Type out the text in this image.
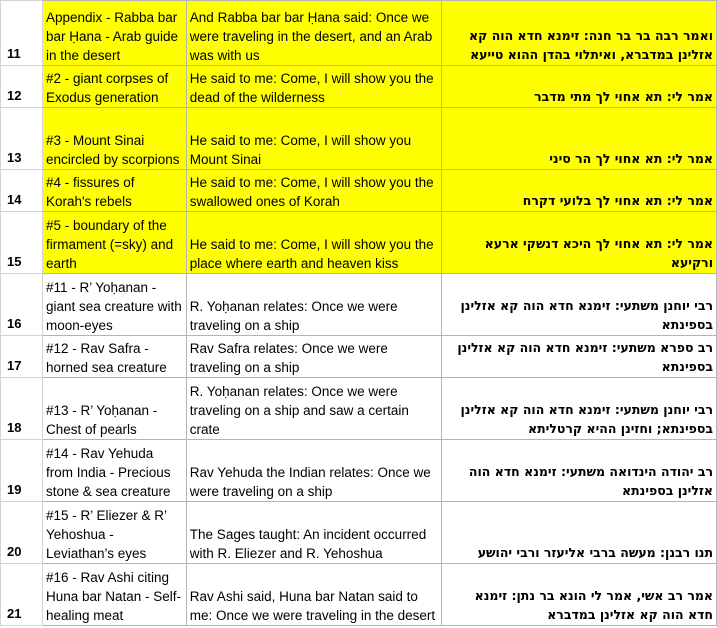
11	Appendix - Rabba bar bar Ḥana - Arab guide in the desert	And Rabba bar bar Ḥana said: Once we were traveling in the desert, and an Arab was with us	ואמר רבה בר בר חנה: זימנא חדא הוה קא אזלינן במדברא, ואיתלוי בהדן ההוא טייעא
12	#2 - giant corpses of Exodus generation	He said to me: Come, I will show you the dead of the wilderness	אמר לי: תא אחוי לך מתי מדבר
13	#3 - Mount Sinai encircled by scorpions	He said to me: Come, I will show you Mount Sinai	אמר לי: תא אחוי לך הר סיני
14	#4 - fissures of Korah's rebels	He said to me: Come, I will show you the swallowed ones of Korah	אמר לי: תא אחוי לך בלועי דקרח
15	#5 - boundary of the firmament (=sky) and earth	He said to me: Come, I will show you the place where earth and heaven kiss	אמר לי: תא אחוי לך היכא דנשקי ארעא ורקיעא
16	#11 - R’ Yoḥanan - giant sea creature with moon-eyes	R. Yoḥanan relates: Once we were traveling on a ship	רבי יוחנן משתעי: זימנא חדא הוה קא אזלינן בספינתא
17	#12 - Rav Safra - horned sea creature	Rav Safra relates: Once we were traveling on a ship	רב ספרא משתעי: זימנא חדא הוה קא אזלינן בספינתא
18	#13 - R’ Yoḥanan - Chest of pearls	R. Yoḥanan relates: Once we were traveling on a ship and saw a certain crate	רבי יוחנן משתעי: זימנא חדא הוה קא אזלינן בספינתא; וחזינן ההיא קרטליתא
19	#14 - Rav Yehuda from India - Precious stone & sea creature	Rav Yehuda the Indian relates: Once we were traveling on a ship	רב יהודה הינדואה משתעי: זימנא חדא הוה אזלינן בספינתא
20	#15 - R’ Eliezer & R’ Yehoshua - Leviathan’s eyes	The Sages taught: An incident occurred with R. Eliezer and R. Yehoshua	תנו רבנן: מעשה ברבי אליעזר ורבי יהושע
21	#16 - Rav Ashi citing Huna bar Natan - Self-healing meat	Rav Ashi said, Huna bar Natan said to me: Once we were traveling in the desert	אמר רב אשי, אמר לי הונא בר נתן: זימנא חדא הוה קא אזלינן במדברא
